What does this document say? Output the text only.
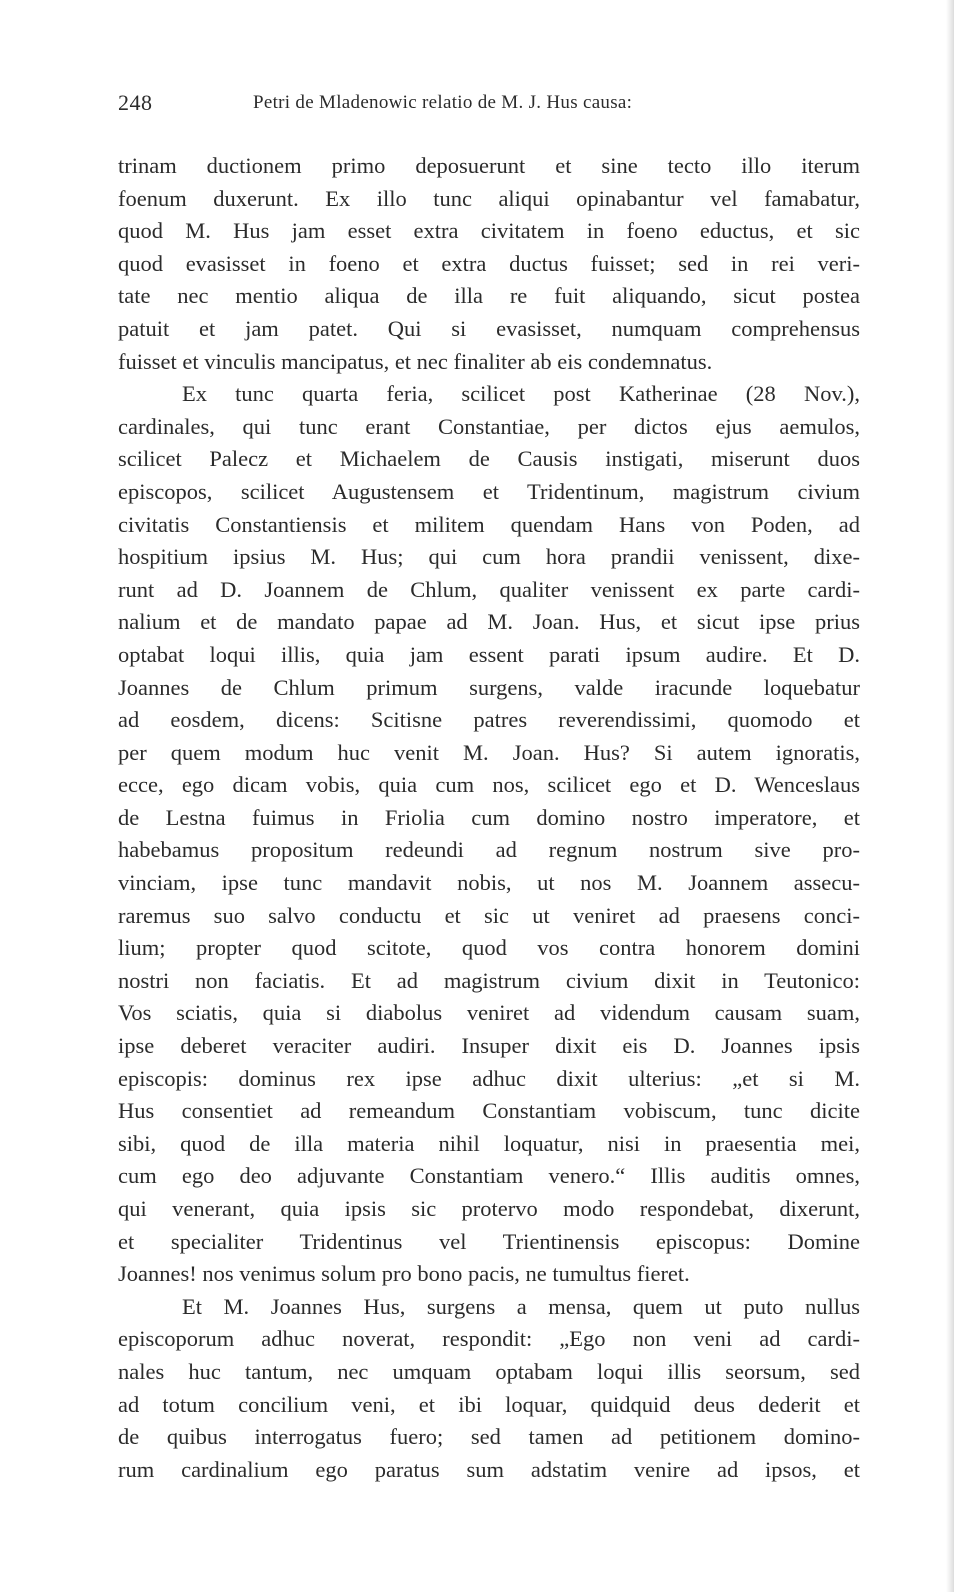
248	Petri de Mladenowic relatio de M. J. Hus causa:
trinam ductionem primo deposuerunt et sine tecto illo iterum
foenum duxerunt. Ex illo tunc aliqui opinabantur vel famabatur,
quod M. Hus jam esset extra civitatem in foeno eductus, et sic
quod evasisset in foeno et extra ductus fuisset; sed in rei veri-
tate nec mentio aliqua de illa re fuit aliquando, sicut postea
patuit et jam patet. Qui si evasisset, numquam comprehensus
fuisset et vinculis mancipatus, et nec finaliter ab eis condemnatus.
Ex tunc quarta feria, scilicet post Katherinae (28 Nov.),
cardinales, qui tunc erant Constantiae, per dictos ejus aemulos,
scilicet Palecz et Michaelem de Causis instigati, miserunt duos
episcopos, scilicet Augustensem et Tridentinum, magistrum civium
civitatis Constantiensis et militem quendam Hans von Poden, ad
hospitium ipsius M. Hus; qui cum hora prandii venissent, dixe-
runt ad D. Joannem de Chlum, qualiter venissent ex parte cardi-
nalium et de mandato papae ad M. Joan. Hus, et sicut ipse prius
optabat loqui illis, quia jam essent parati ipsum audire. Et D.
Joannes de Chlum primum surgens, valde iracunde loquebatur
ad eosdem, dicens: Scitisne patres reverendissimi, quomodo et
per quem modum huc venit M. Joan. Hus? Si autem ignoratis,
ecce, ego dicam vobis, quia cum nos, scilicet ego et D. Wenceslaus
de Lestna fuimus in Friolia cum domino nostro imperatore, et
habebamus propositum redeundi ad regnum nostrum sive pro-
vinciam, ipse tunc mandavit nobis, ut nos M. Joannem assecu-
raremus suo salvo conductu et sic ut veniret ad praesens conci-
lium; propter quod scitote, quod vos contra honorem domini
nostri non faciatis. Et ad magistrum civium dixit in Teutonico:
Vos sciatis, quia si diabolus veniret ad videndum causam suam,
ipse deberet veraciter audiri. Insuper dixit eis D. Joannes ipsis
episcopis: dominus rex ipse adhuc dixit ulterius: „et si M.
Hus consentiet ad remeandum Constantiam vobiscum, tunc dicite
sibi, quod de illa materia nihil loquatur, nisi in praesentia mei,
cum ego deo adjuvante Constantiam venero.“ Illis auditis omnes,
qui venerant, quia ipsis sic protervo modo respondebat, dixerunt,
et specialiter Tridentinus vel Trientinensis episcopus: Domine
Joannes! nos venimus solum pro bono pacis, ne tumultus fieret.
Et M. Joannes Hus, surgens a mensa, quem ut puto nullus
episcoporum adhuc noverat, respondit: „Ego non veni ad cardi-
nales huc tantum, nec umquam optabam loqui illis seorsum, sed
ad totum concilium veni, et ibi loquar, quidquid deus dederit et
de quibus interrogatus fuero; sed tamen ad petitionem domino-
rum cardinalium ego paratus sum adstatim venire ad ipsos, et
